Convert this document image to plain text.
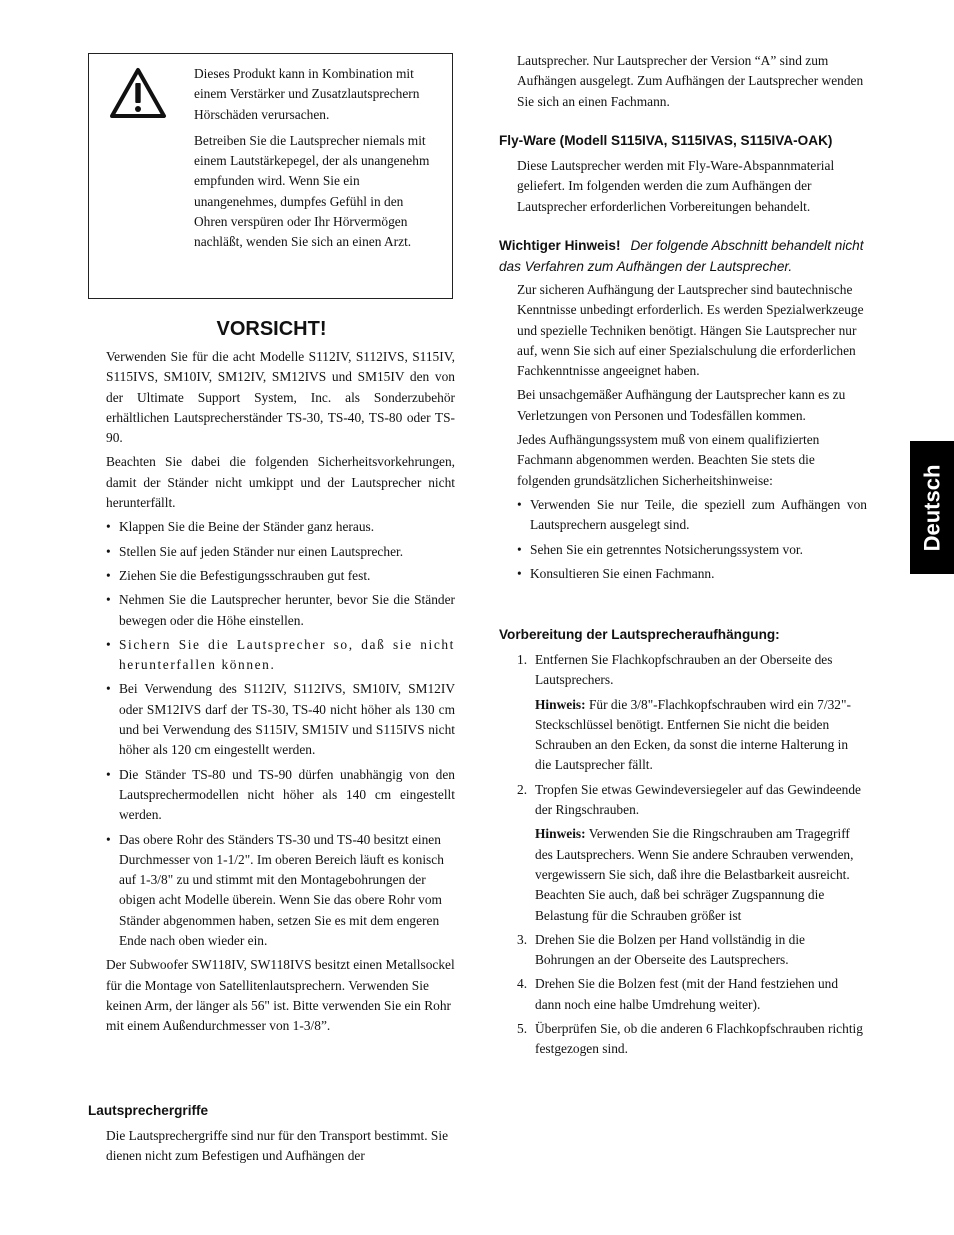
Dieses Produkt kann in Kombination mit einem Verstärker und Zusatzlautsprechern Hörschäden verursachen.

Betreiben Sie die Lautsprecher niemals mit einem Lautstärkepegel, der als unangenehm empfunden wird. Wenn Sie ein unangenehmes, dumpfes Gefühl in den Ohren verspüren oder Ihr Hörvermögen nachläßt, wenden Sie sich an einen Arzt.

VORSICHT!

Verwenden Sie für die acht Modelle S112IV, S112IVS, S115IV, S115IVS, SM10IV, SM12IV, SM12IVS und SM15IV den von der Ultimate Support System, Inc. als Sonderzubehör erhältlichen Lautsprecherständer TS-30, TS-40, TS-80 oder TS-90.

Beachten Sie dabei die folgenden Sicherheitsvorkehrungen, damit der Ständer nicht umkippt und der Lautsprecher nicht herunterfällt.

• Klappen Sie die Beine der Ständer ganz heraus.
• Stellen Sie auf jeden Ständer nur einen Lautsprecher.
• Ziehen Sie die Befestigungsschrauben gut fest.
• Nehmen Sie die Lautsprecher herunter, bevor Sie die Ständer bewegen oder die Höhe einstellen.
• Sichern Sie die Lautsprecher so, daß sie nicht herunterfallen können.
• Bei Verwendung des S112IV, S112IVS, SM10IV, SM12IV oder SM12IVS darf der TS-30, TS-40 nicht höher als 130 cm und bei Verwendung des S115IV, SM15IV und S115IVS nicht höher als 120 cm eingestellt werden.
• Die Ständer TS-80 und TS-90 dürfen unabhängig von den Lautsprechermodellen nicht höher als 140 cm eingestellt werden.
• Das obere Rohr des Ständers TS-30 und TS-40 besitzt einen Durchmesser von 1-1/2". Im oberen Bereich läuft es konisch auf 1-3/8" zu und stimmt mit den Montagebohrungen der obigen acht Modelle überein. Wenn Sie das obere Rohr vom Ständer abgenommen haben, setzen Sie es mit dem engeren Ende nach oben wieder ein.

Der Subwoofer SW118IV, SW118IVS besitzt einen Metallsockel für die Montage von Satellitenlautsprechern. Verwenden Sie keinen Arm, der länger als 56" ist. Bitte verwenden Sie ein Rohr mit einem Außendurchmesser von 1-3/8”.

Lautsprechergriffe

Die Lautsprechergriffe sind nur für den Transport bestimmt. Sie dienen nicht zum Befestigen und Aufhängen der

Lautsprecher. Nur Lautsprecher der Version “A” sind zum Aufhängen ausgelegt. Zum Aufhängen der Lautsprecher wenden Sie sich an einen Fachmann.

Fly-Ware (Modell S115IVA, S115IVAS, S115IVA-OAK)

Diese Lautsprecher werden mit Fly-Ware-Abspannmaterial geliefert. Im folgenden werden die zum Aufhängen der Lautsprecher erforderlichen Vorbereitungen behandelt.

Wichtiger Hinweis! Der folgende Abschnitt behandelt nicht das Verfahren zum Aufhängen der Lautsprecher.

Zur sicheren Aufhängung der Lautsprecher sind bautechnische Kenntnisse unbedingt erforderlich. Es werden Spezialwerkzeuge und spezielle Techniken benötigt. Hängen Sie Lautsprecher nur auf, wenn Sie sich auf einer Spezialschulung die erforderlichen Fachkenntnisse angeeignet haben.

Bei unsachgemäßer Aufhängung der Lautsprecher kann es zu Verletzungen von Personen und Todesfällen kommen.

Jedes Aufhängungssystem muß von einem qualifizierten Fachmann abgenommen werden. Beachten Sie stets die folgenden grundsätzlichen Sicherheitshinweise:

• Verwenden Sie nur Teile, die speziell zum Aufhängen von Lautsprechern ausgelegt sind.
• Sehen Sie ein getrenntes Notsicherungssystem vor.
• Konsultieren Sie einen Fachmann.
Vorbereitung der Lautsprecheraufhängung:
1. Entfernen Sie Flachkopfschrauben an der Oberseite des Lautsprechers.

Hinweis: Für die 3/8"-Flachkopfschrauben wird ein 7/32"-Steckschlüssel benötigt. Entfernen Sie nicht die beiden Schrauben an den Ecken, da sonst die interne Halterung in die Lautsprecher fällt.

2. Tropfen Sie etwas Gewindeversiegeler auf das Gewindeende der Ringschrauben.

Hinweis: Verwenden Sie die Ringschrauben am Tragegriff des Lautsprechers. Wenn Sie andere Schrauben verwenden, vergewissern Sie sich, daß ihre die Belastbarkeit ausreicht. Beachten Sie auch, daß bei schräger Zugspannung die Belastung für die Schrauben größer ist

3. Drehen Sie die Bolzen per Hand vollständig in die Bohrungen an der Oberseite des Lautsprechers.
4. Drehen Sie die Bolzen fest (mit der Hand festziehen und dann noch eine halbe Umdrehung weiter).
5. Überprüfen Sie, ob die anderen 6 Flachkopfschrauben richtig festgezogen sind.
Deutsch
